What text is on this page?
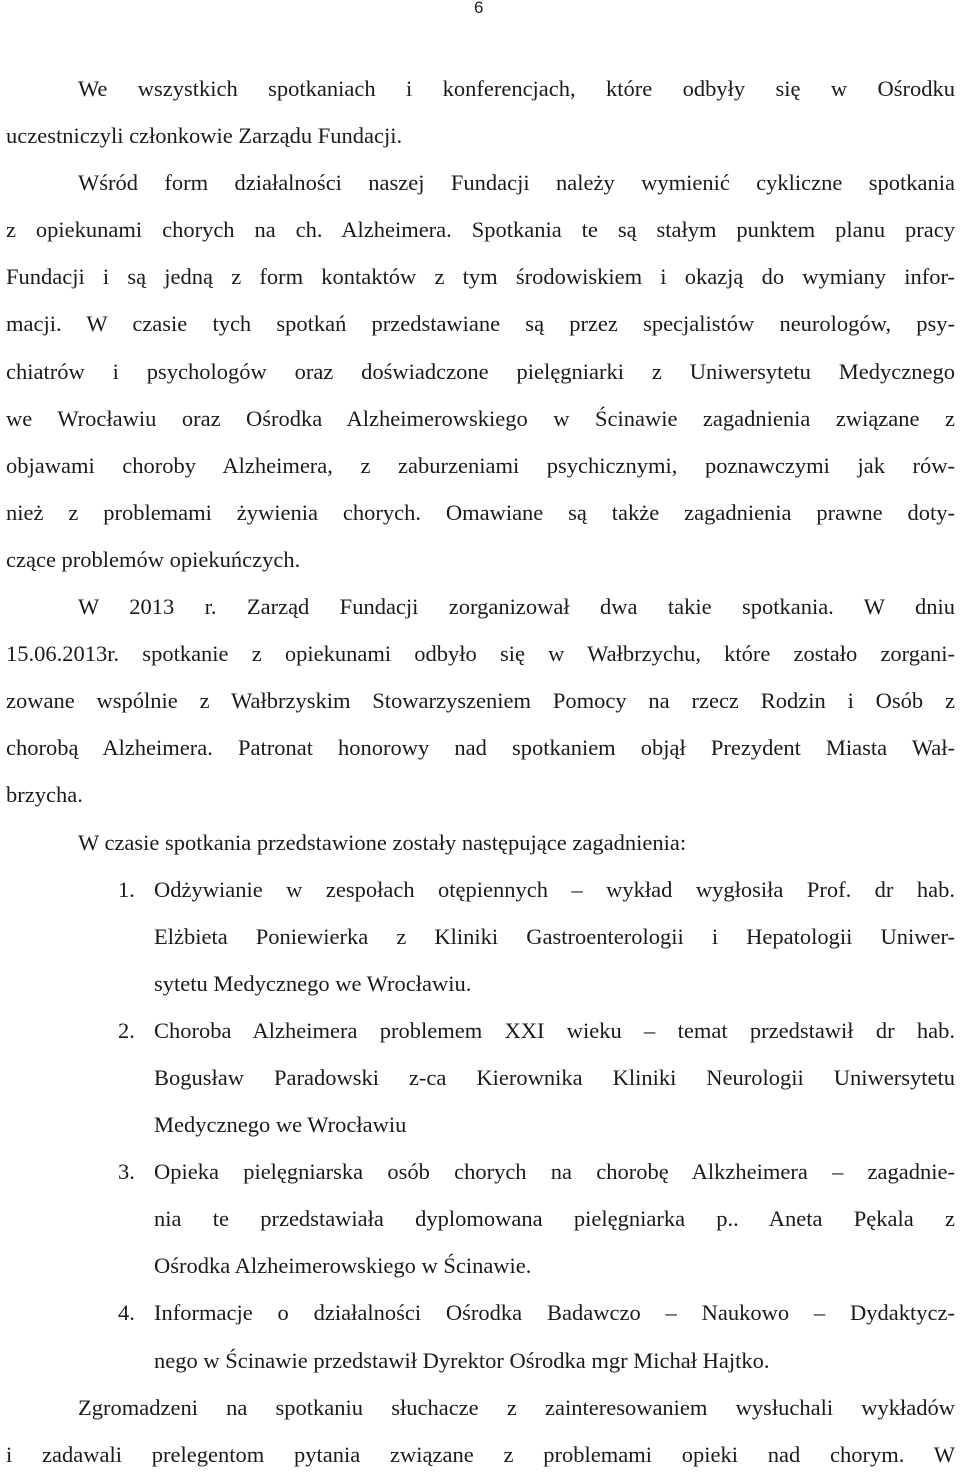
6
We wszystkich spotkaniach i konferencjach, które odbyły się w Ośrodku
uczestniczyli członkowie Zarządu Fundacji.
Wśród form działalności naszej Fundacji należy wymienić cykliczne spotkania
z opiekunami chorych na ch. Alzheimera. Spotkania te są stałym punktem planu pracy
Fundacji i są jedną z form kontaktów z tym środowiskiem i okazją do wymiany infor-
macji. W czasie tych spotkań przedstawiane są przez specjalistów neurologów, psy-
chiatrów i psychologów oraz doświadczone pielęgniarki z Uniwersytetu Medycznego
we Wrocławiu oraz Ośrodka Alzheimerowskiego w Ścinawie zagadnienia związane z
objawami choroby Alzheimera, z zaburzeniami psychicznymi, poznawczymi jak rów-
nież z problemami żywienia chorych. Omawiane są także zagadnienia prawne doty-
czące problemów opiekuńczych.
W 2013 r. Zarząd Fundacji zorganizował dwa takie spotkania. W dniu
15.06.2013r. spotkanie z opiekunami odbyło się w Wałbrzychu, które zostało zorgani-
zowane wspólnie z Wałbrzyskim Stowarzyszeniem Pomocy na rzecz Rodzin i Osób z
chorobą Alzheimera. Patronat honorowy nad spotkaniem objął Prezydent Miasta Wał-
brzycha.
W czasie spotkania przedstawione zostały następujące zagadnienia:
1. Odżywianie w zespołach otępiennych – wykład wygłosiła Prof. dr hab.
Elżbieta Poniewierka z Kliniki Gastroenterologii i Hepatologii Uniwer-
sytetu Medycznego we Wrocławiu.
2. Choroba Alzheimera problemem XXI wieku – temat przedstawił dr hab.
Bogusław Paradowski z-ca Kierownika Kliniki Neurologii Uniwersytetu
Medycznego we Wrocławiu
3. Opieka pielęgniarska osób chorych na chorobę Alkzheimera – zagadnie-
nia te przedstawiała dyplomowana pielęgniarka p.. Aneta Pękala z
Ośrodka Alzheimerowskiego w Ścinawie.
4. Informacje o działalności Ośrodka Badawczo – Naukowo – Dydaktycz-
nego w Ścinawie przedstawił Dyrektor Ośrodka mgr Michał Hajtko.
Zgromadzeni na spotkaniu słuchacze z zainteresowaniem wysłuchali wykładów
i zadawali prelegentom pytania związane z problemami opieki nad chorym. W
